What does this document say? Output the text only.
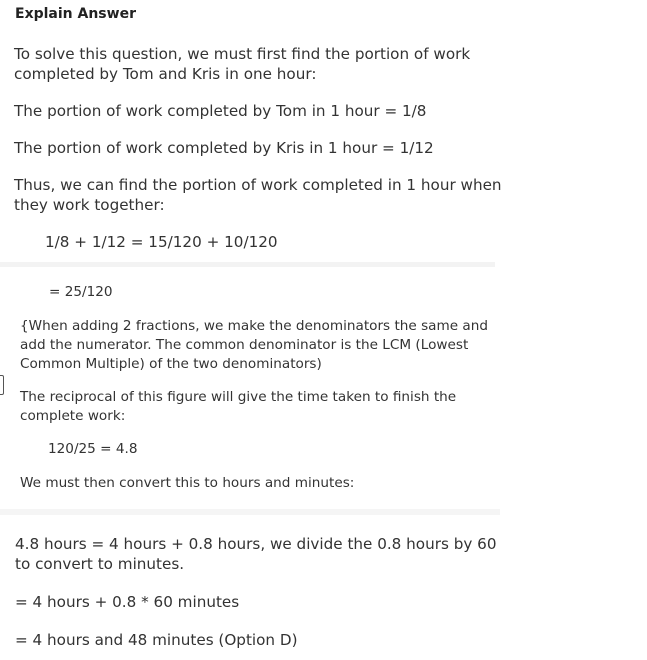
Explain Answer
To solve this question, we must first find the portion of work
completed by Tom and Kris in one hour:
The portion of work completed by Tom in 1 hour = 1/8
The portion of work completed by Kris in 1 hour = 1/12
Thus, we can find the portion of work completed in 1 hour when
they work together:
1/8 + 1/12 = 15/120 + 10/120
= 25/120
{When adding 2 fractions, we make the denominators the same and
add the numerator. The common denominator is the LCM (Lowest
Common Multiple) of the two denominators)
The reciprocal of this figure will give the time taken to finish the
complete work:
120/25 = 4.8
We must then convert this to hours and minutes:
4.8 hours = 4 hours + 0.8 hours, we divide the 0.8 hours by 60
to convert to minutes.
= 4 hours + 0.8 * 60 minutes
= 4 hours and 48 minutes (Option D)
